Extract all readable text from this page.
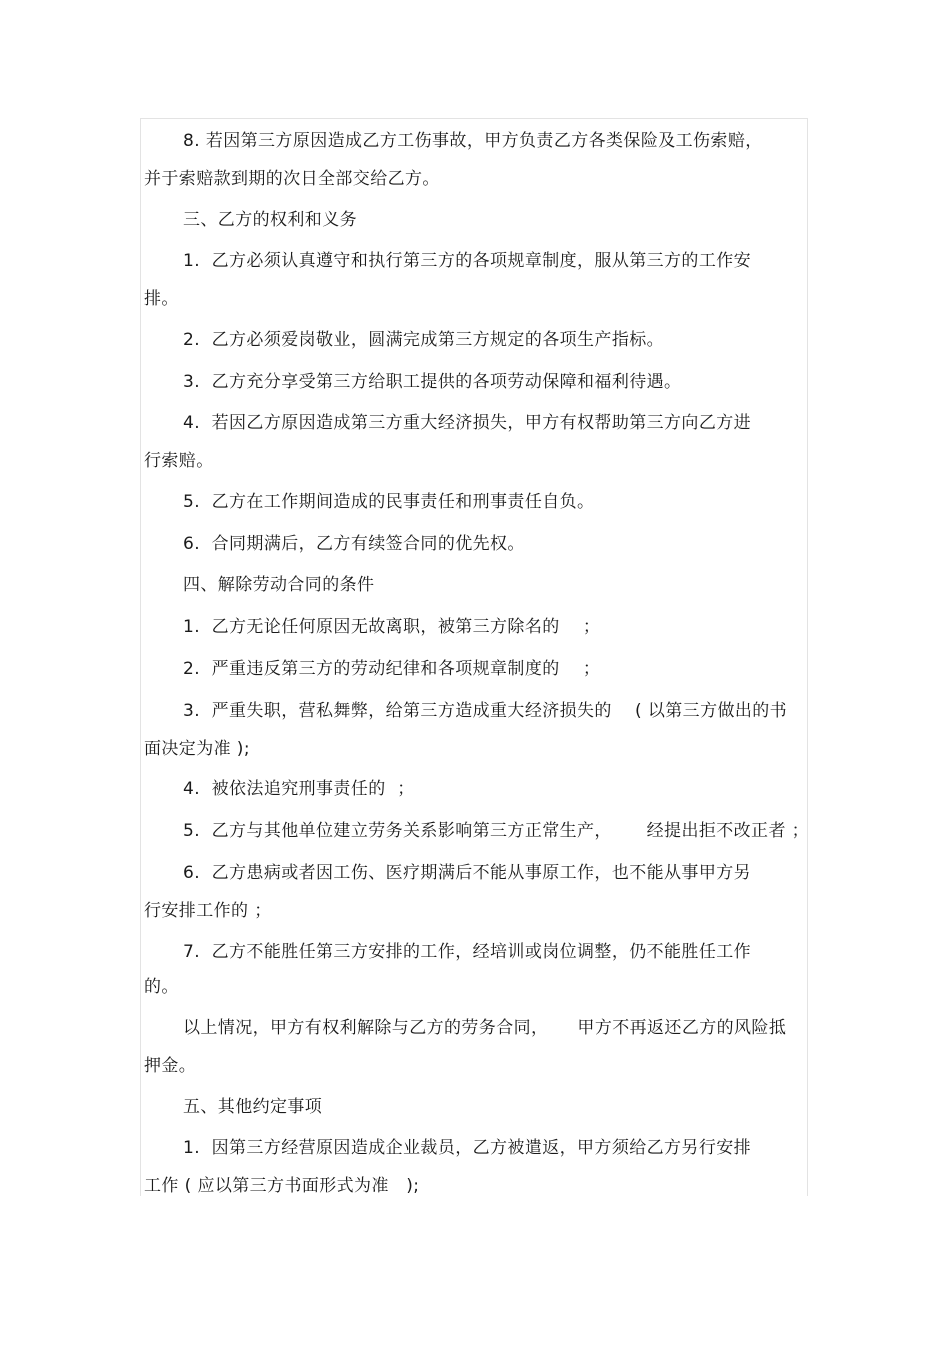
8. 若因第三方原因造成乙方工伤事故，甲方负责乙方各类保险及工伤索赔，
并于索赔款到期的次日全部交给乙方。
三、乙方的权利和义务
1.  乙方必须认真遵守和执行第三方的各项规章制度，服从第三方的工作安
排。
2.  乙方必须爱岗敬业，圆满完成第三方规定的各项生产指标。
3.  乙方充分享受第三方给职工提供的各项劳动保障和福利待遇。
4.  若因乙方原因造成第三方重大经济损失，甲方有权帮助第三方向乙方进
行索赔。
5.  乙方在工作期间造成的民事责任和刑事责任自负。
6.  合同期满后，乙方有续签合同的优先权。
四、解除劳动合同的条件
1.  乙方无论任何原因无故离职，被第三方除名的    ；
2.  严重违反第三方的劳动纪律和各项规章制度的    ；
3.  严重失职，营私舞弊，给第三方造成重大经济损失的    ( 以第三方做出的书
面决定为准 );
4.  被依法追究刑事责任的  ；
5.  乙方与其他单位建立劳务关系影响第三方正常生产，      经提出拒不改正者 ；
6.  乙方患病或者因工伤、医疗期满后不能从事原工作，也不能从事甲方另
行安排工作的 ；
7.  乙方不能胜任第三方安排的工作，经培训或岗位调整，仍不能胜任工作
的。
以上情况，甲方有权利解除与乙方的劳务合同，     甲方不再返还乙方的风险抵
押金。
五、其他约定事项
1.  因第三方经营原因造成企业裁员，乙方被遣返，甲方须给乙方另行安排
工作 ( 应以第三方书面形式为准   );
